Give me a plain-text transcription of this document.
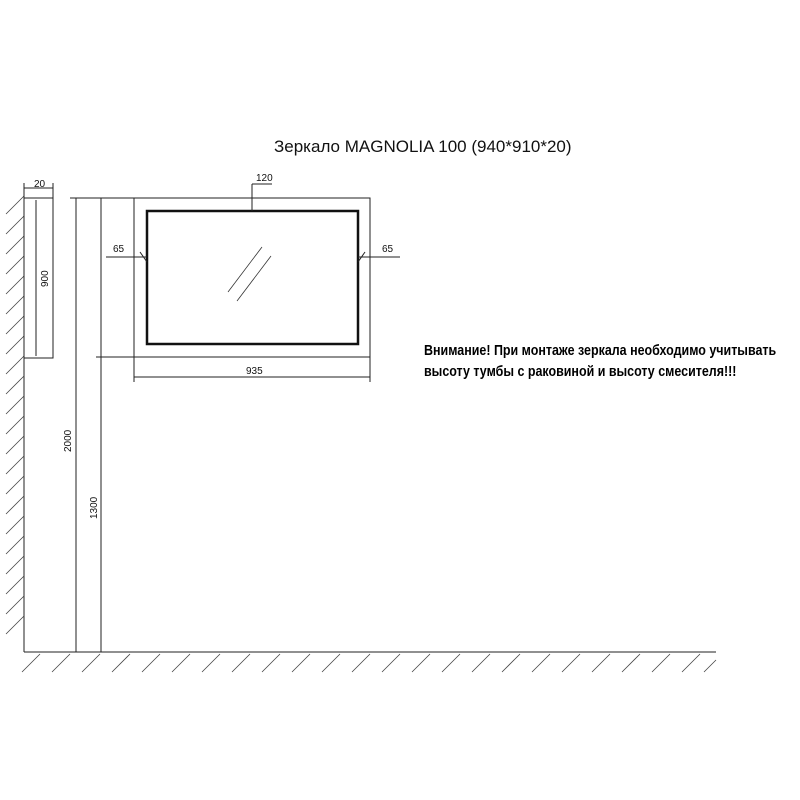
Зеркало MAGNOLIA 100 (940*910*20)
20
900
2000
1300
120
65	65
935
Внимание! При монтаже зеркала необходимо учитывать
высоту тумбы с раковиной и высоту смесителя!!!
